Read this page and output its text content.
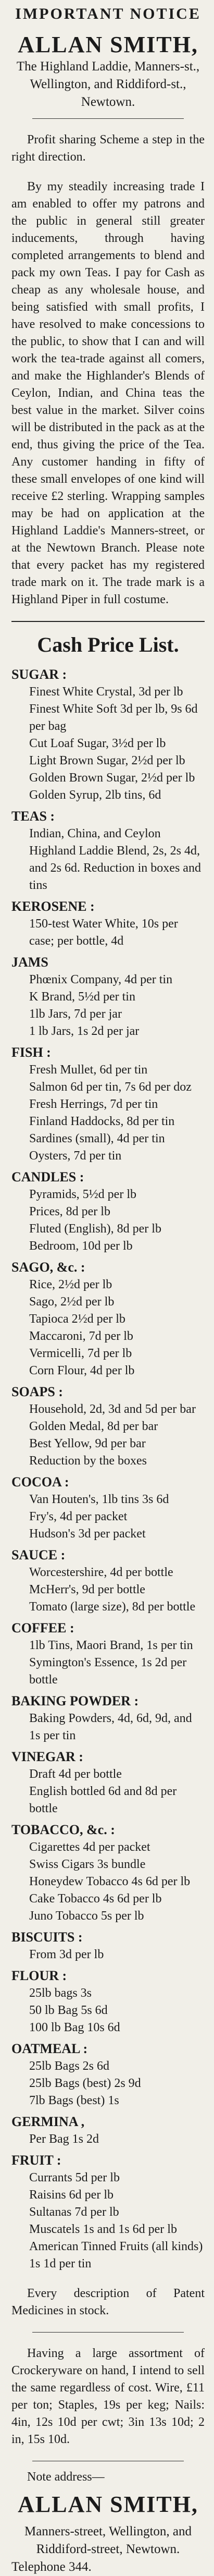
IMPORTANT NOTICE
ALLAN SMITH,
The Highland Laddie, Manners-st.,
Wellington, and Riddiford-st.,
Newtown.

Profit sharing Scheme a step in the right direction.

By my steadily increasing trade I am enabled to offer my patrons and the public in general still greater inducements, through having completed arrangements to blend and pack my own Teas. I pay for Cash as cheap as any wholesale house, and being satisfied with small profits, I have resolved to make concessions to the public, to show that I can and will work the tea-trade against all comers, and make the Highlander's Blends of Ceylon, Indian, and China teas the best value in the market. Silver coins will be distributed in the pack as at the end, thus giving the price of the Tea. Any customer handing in fifty of these small envelopes of one kind will receive £2 sterling. Wrapping samples may be had on application at the Highland Laddie's Manners-street, or at the Newtown Branch. Please note that every packet has my registered trade mark on it. The trade mark is a Highland Piper in full costume.

Cash Price List.
SUGAR :
Finest White Crystal, 3d per lb
Finest White Soft 3d per lb, 9s 6d per bag
Cut Loaf Sugar, 3½d per lb
Light Brown Sugar, 2½d per lb
Golden Brown Sugar, 2½d per lb
Golden Syrup, 2lb tins, 6d
TEAS :
Indian, China, and Ceylon Highland Laddie Blend, 2s, 2s 4d, and 2s 6d. Reduction in boxes and tins
KEROSENE :
150-test Water White, 10s per case; per bottle, 4d
JAMS
Phœnix Company, 4d per tin
K Brand, 5½d per tin
1lb Jars, 7d per jar
1 lb Jars, 1s 2d per jar
FISH :
Fresh Mullet, 6d per tin
Salmon 6d per tin, 7s 6d per doz
Fresh Herrings, 7d per tin
Finland Haddocks, 8d per tin
Sardines (small), 4d per tin
Oysters, 7d per tin
CANDLES :
Pyramids, 5½d per lb
Prices, 8d per lb
Fluted (English), 8d per lb
Bedroom, 10d per lb
SAGO, &c. :
Rice, 2½d per lb
Sago, 2½d per lb
Tapioca 2½d per lb
Maccaroni, 7d per lb
Vermicelli, 7d per lb
Corn Flour, 4d per lb
SOAPS :
Household, 2d, 3d and 5d per bar
Golden Medal, 8d per bar
Best Yellow, 9d per bar
Reduction by the boxes
COCOA :
Van Houten's, 1lb tins 3s 6d
Fry's, 4d per packet
Hudson's 3d per packet
SAUCE :
Worcestershire, 4d per bottle
McHerr's, 9d per bottle
Tomato (large size), 8d per bottle
COFFEE :
1lb Tins, Maori Brand, 1s per tin
Symington's Essence, 1s 2d per bottle
BAKING POWDER :
Baking Powders, 4d, 6d, 9d, and 1s per tin
VINEGAR :
Draft 4d per bottle
English bottled 6d and 8d per bottle
TOBACCO, &c. :
Cigarettes 4d per packet
Swiss Cigars 3s bundle
Honeydew Tobacco 4s 6d per lb
Cake Tobacco 4s 6d per lb
Juno Tobacco 5s per lb
BISCUITS :
From 3d per lb
FLOUR :
25lb bags 3s
50 lb Bag 5s 6d
100 lb Bag 10s 6d
OATMEAL :
25lb Bags 2s 6d
25lb Bags (best) 2s 9d
7lb Bags (best) 1s
GERMINA ,
Per Bag 1s 2d
FRUIT :
Currants 5d per lb
Raisins 6d per lb
Sultanas 7d per lb
Muscatels 1s and 1s 6d per lb
American Tinned Fruits (all kinds) 1s 1d per tin

Every description of Patent Medicines in stock.

Having a large assortment of Crockeryware on hand, I intend to sell the same regardless of cost. Wire, £11 per ton; Staples, 19s per keg; Nails: 4in, 12s 10d per cwt; 3in 13s 10d; 2 in, 15s 10d.

Note address—
ALLAN SMITH,
Manners-street, Wellington, and
Riddiford-street, Newtown.
Telephone 344.
